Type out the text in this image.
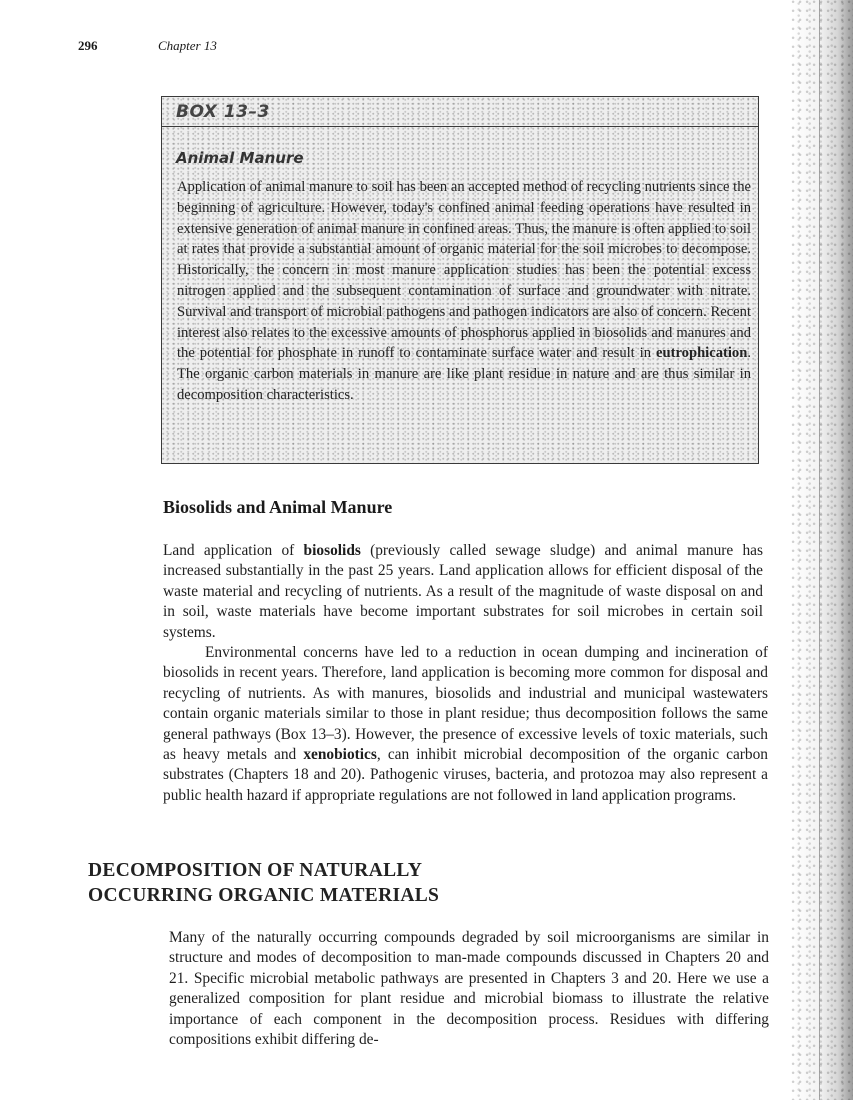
296	Chapter 13
BOX 13–3
Animal Manure

Application of animal manure to soil has been an accepted method of recycling nutrients since the beginning of agriculture. However, today's confined animal feeding operations have resulted in extensive generation of animal manure in confined areas. Thus, the manure is often applied to soil at rates that provide a substantial amount of organic material for the soil microbes to decompose. Historically, the concern in most manure application studies has been the potential excess nitrogen applied and the subsequent contamination of surface and groundwater with nitrate. Survival and transport of microbial pathogens and pathogen indicators are also of concern. Recent interest also relates to the excessive amounts of phosphorus applied in biosolids and manures and the potential for phosphate in runoff to contaminate surface water and result in eutrophication. The organic carbon materials in manure are like plant residue in nature and are thus similar in decomposition characteristics.

Biosolids and Animal Manure

Land application of biosolids (previously called sewage sludge) and animal manure has increased substantially in the past 25 years. Land application allows for efficient disposal of the waste material and recycling of nutrients. As a result of the magnitude of waste disposal on and in soil, waste materials have become important substrates for soil microbes in certain soil systems.

Environmental concerns have led to a reduction in ocean dumping and incineration of biosolids in recent years. Therefore, land application is becoming more common for disposal and recycling of nutrients. As with manures, biosolids and industrial and municipal wastewaters contain organic materials similar to those in plant residue; thus decomposition follows the same general pathways (Box 13–3). However, the presence of excessive levels of toxic materials, such as heavy metals and xenobiotics, can inhibit microbial decomposition of the organic carbon substrates (Chapters 18 and 20). Pathogenic viruses, bacteria, and protozoa may also represent a public health hazard if appropriate regulations are not followed in land application programs.

DECOMPOSITION OF NATURALLY
OCCURRING ORGANIC MATERIALS

Many of the naturally occurring compounds degraded by soil microorganisms are similar in structure and modes of decomposition to man-made compounds discussed in Chapters 20 and 21. Specific microbial metabolic pathways are presented in Chapters 3 and 20. Here we use a generalized composition for plant residue and microbial biomass to illustrate the relative importance of each component in the decomposition process. Residues with differing compositions exhibit differing de-
